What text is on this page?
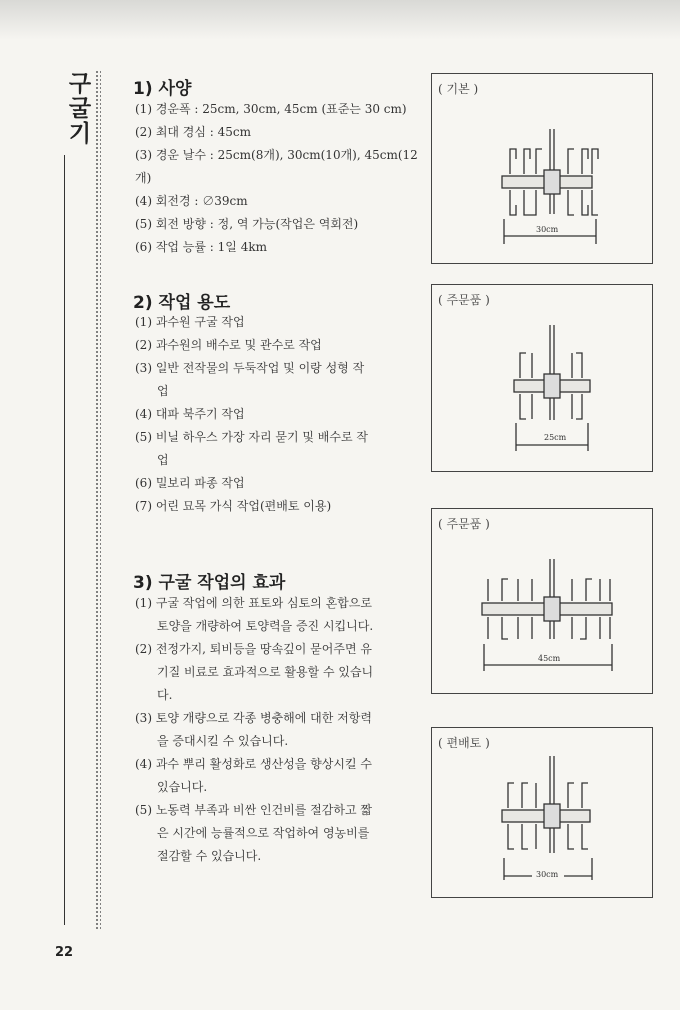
구
굴
기
1) 사양
(1) 경운폭 : 25cm, 30cm, 45cm (표준는 30 cm)
(2) 최대 경심 : 45cm
(3) 경운 날수 : 25cm(8개), 30cm(10개), 45cm(12개)
(4) 회전경 : ∅39cm
(5) 회전 방향 : 정, 역 가능(작업은 역회전)
(6) 작업 능률 : 1일 4km
2) 작업 용도
(1) 과수원 구굴 작업
(2) 과수원의 배수로 및 관수로 작업
(3) 일반 전작물의 두둑작업 및 이랑 성형 작업
(4) 대파 북주기 작업
(5) 비닐 하우스 가장 자리 묻기 및 배수로 작업
(6) 밀보리 파종 작업
(7) 어린 묘목 가식 작업(편배토 이용)
3) 구굴 작업의 효과
(1) 구굴 작업에 의한 표토와 심토의 혼합으로 토양을 개량하여 토양력을 증진 시킵니다.
(2) 전정가지, 퇴비등을 땅속깊이 묻어주면 유기질 비료로 효과적으로 활용할 수 있습니다.
(3) 토양 개량으로 각종 병충해에 대한 저항력을 증대시킬 수 있습니다.
(4) 과수 뿌리 활성화로 생산성을 향상시킬 수 있습니다.
(5) 노동력 부족과 비싼 인건비를 절감하고 짧은 시간에 능률적으로 작업하여 영농비를 절감할 수 있습니다.
( 기본 )
30cm
( 주문품 )
25cm
( 주문품 )
45cm
( 편배토 )
30cm
22
